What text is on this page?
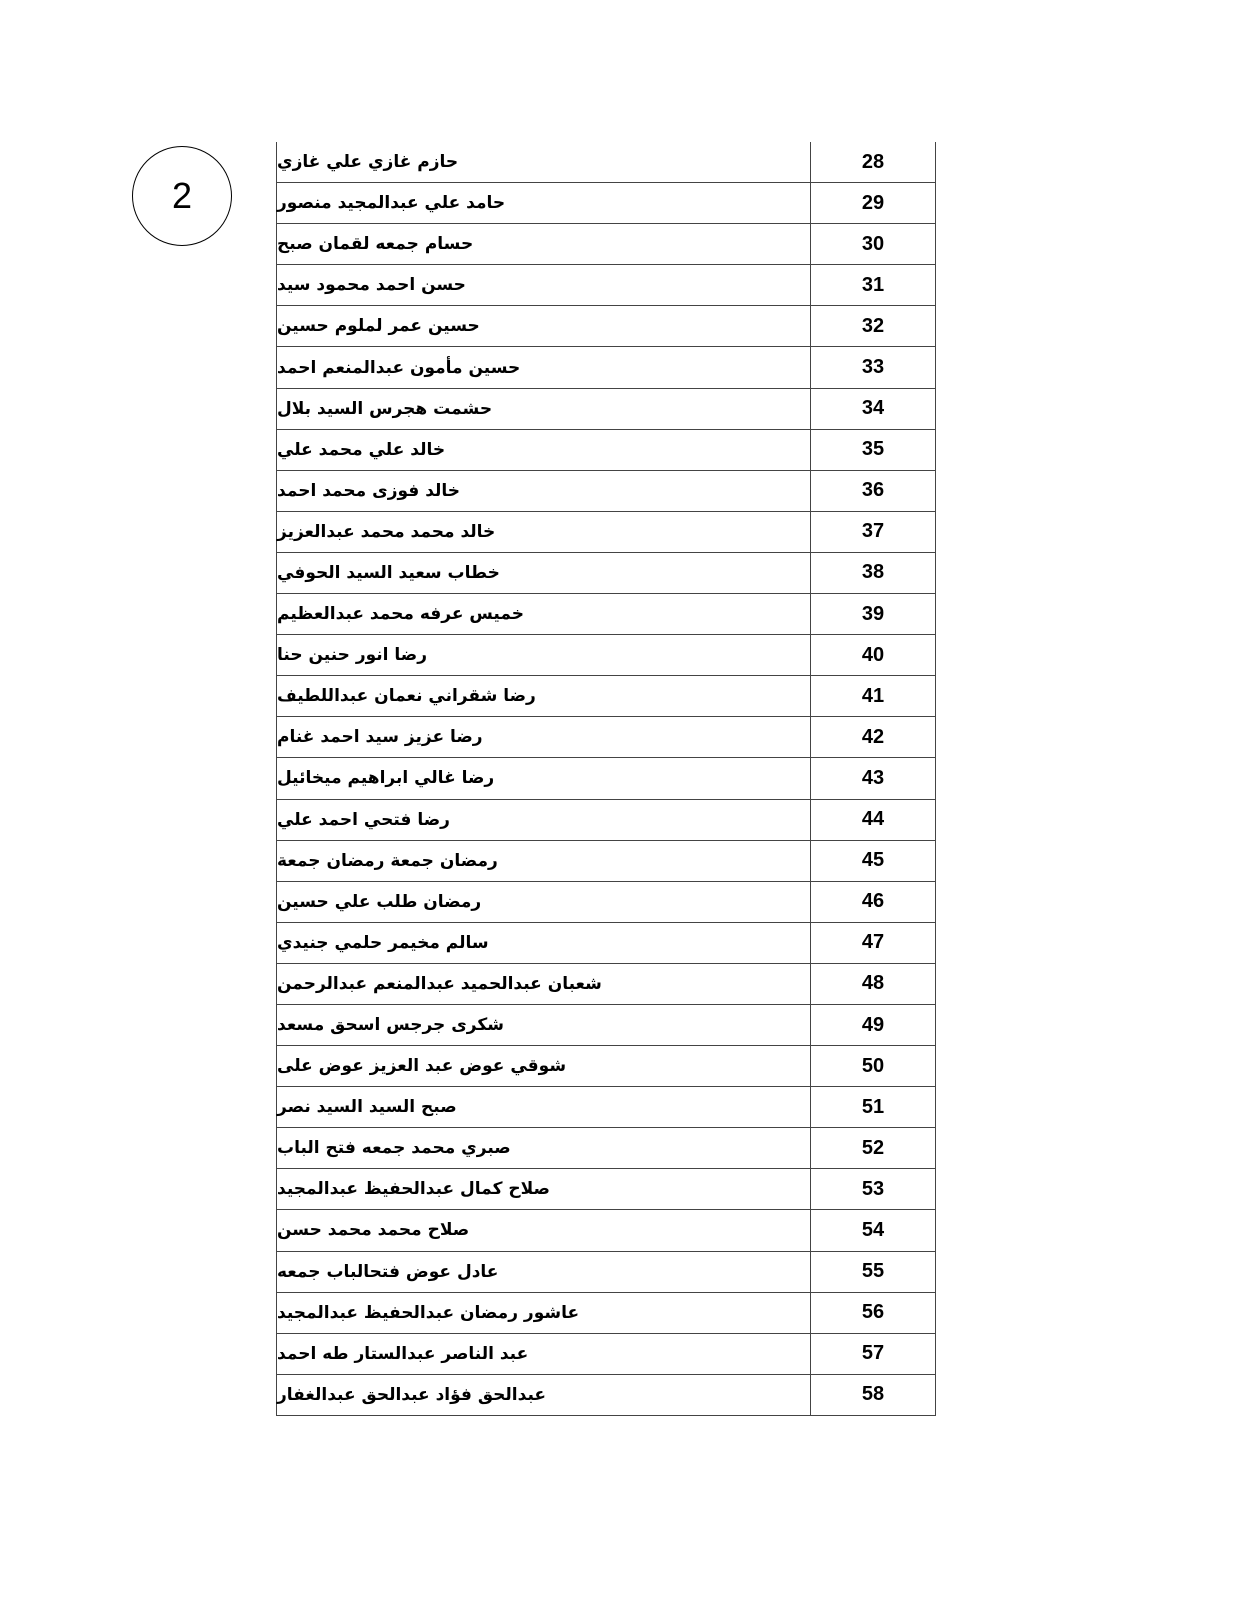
2
حازم غازي علي غازي	28
حامد علي عبدالمجيد منصور	29
حسام جمعه لقمان صبح	30
حسن احمد محمود سيد	31
حسين عمر لملوم حسين	32
حسين مأمون عبدالمنعم احمد	33
حشمت هجرس السيد بلال	34
خالد علي محمد علي	35
خالد فوزى محمد احمد	36
خالد محمد محمد عبدالعزيز	37
خطاب سعيد السيد الحوفي	38
خميس عرفه محمد عبدالعظيم	39
رضا انور حنين حنا	40
رضا شقراني نعمان عبداللطيف	41
رضا عزيز سيد احمد غنام	42
رضا غالي ابراهيم ميخائيل	43
رضا فتحي احمد علي	44
رمضان جمعة رمضان جمعة	45
رمضان طلب علي حسين	46
سالم مخيمر حلمي جنيدي	47
شعبان عبدالحميد عبدالمنعم عبدالرحمن	48
شكرى جرجس اسحق مسعد	49
شوقي عوض عبد العزيز عوض على	50
صبح السيد السيد نصر	51
صبري محمد جمعه فتح الباب	52
صلاح كمال عبدالحفيظ عبدالمجيد	53
صلاح محمد محمد حسن	54
عادل عوض فتحالباب جمعه	55
عاشور رمضان عبدالحفيظ عبدالمجيد	56
عبد الناصر عبدالستار طه احمد	57
عبدالحق فؤاد عبدالحق عبدالغفار	58
